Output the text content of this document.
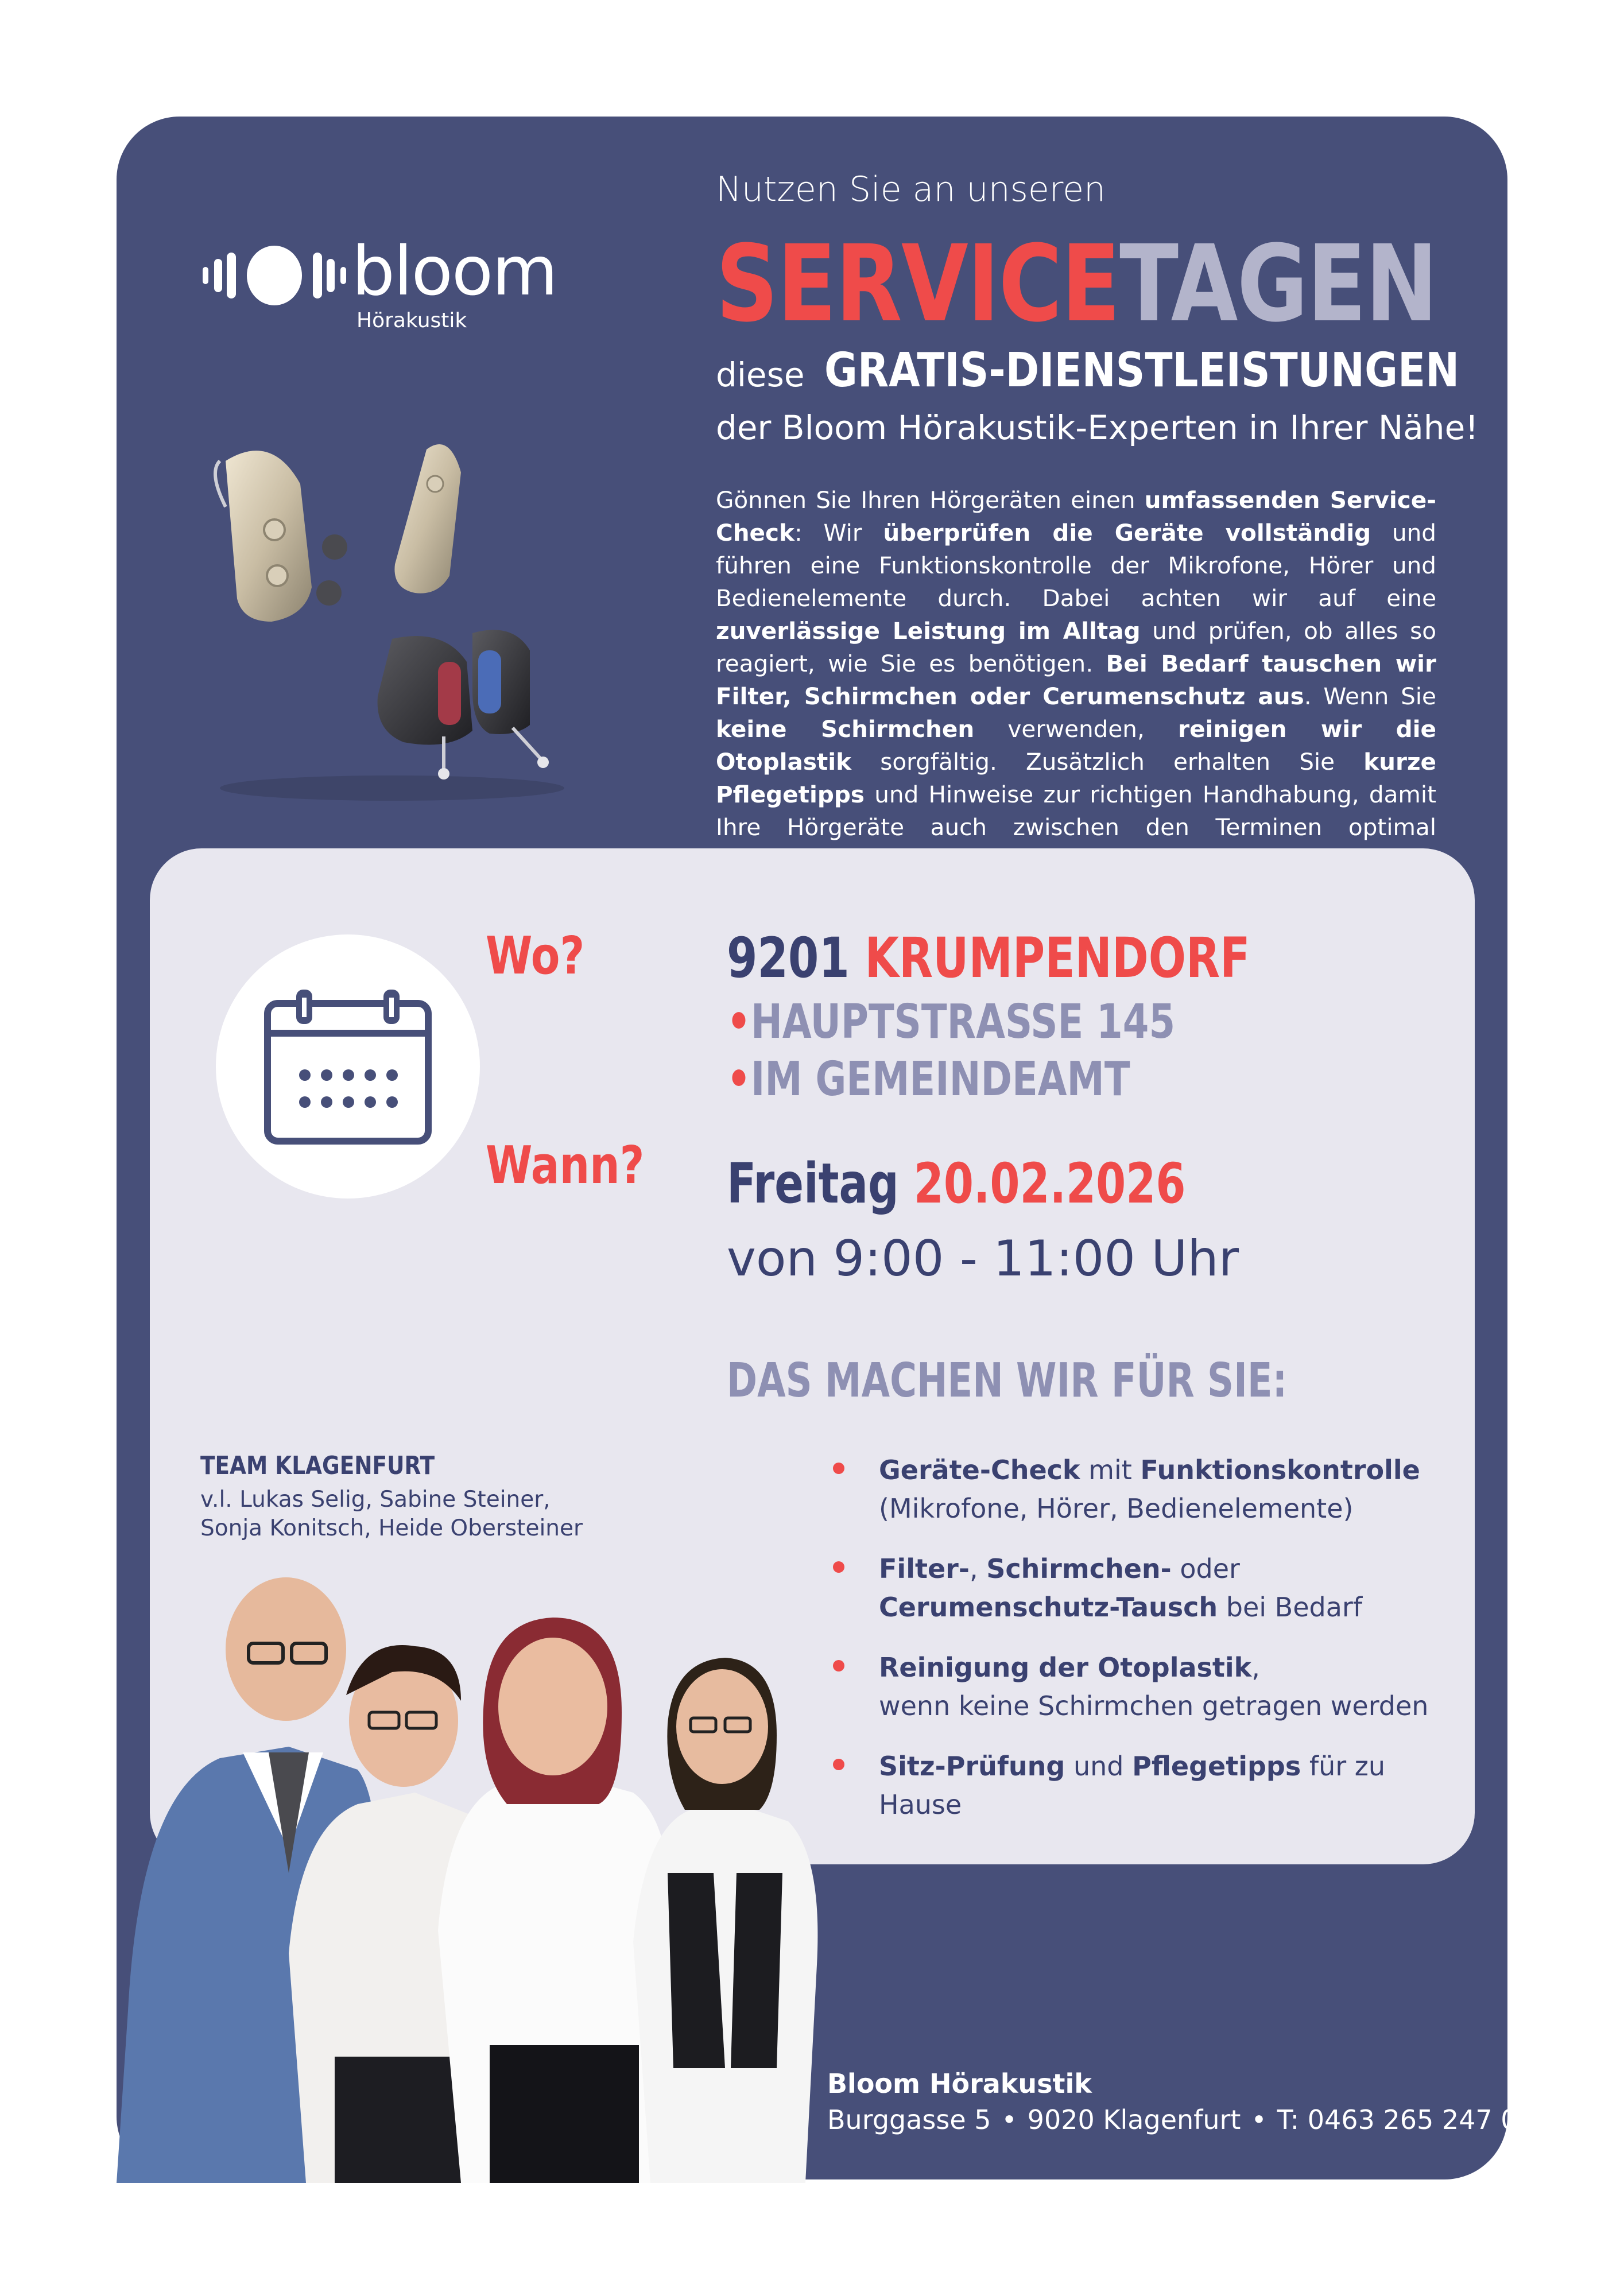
bloom
Hörakustik
Nutzen Sie an unseren
SERVICETAGEN
diese GRATIS-DIENSTLEISTUNGEN
der Bloom Hörakustik-Experten in Ihrer Nähe!
Gönnen Sie Ihren Hörgeräten einen umfassenden Service-Check: Wir überprüfen die Geräte vollständig und führen eine Funktionskontrolle der Mikrofone, Hörer und Bedienelemente durch. Dabei achten wir auf eine zuverlässige Leistung im Alltag und prüfen, ob alles so reagiert, wie Sie es benötigen. Bei Bedarf tauschen wir Filter, Schirmchen oder Cerumenschutz aus. Wenn Sie keine Schirmchen verwenden, reinigen wir die Otoplastik sorgfältig. Zusätzlich erhalten Sie kurze Pflegetipps und Hinweise zur richtigen Handhabung, damit Ihre Hörgeräte auch zwischen den Terminen optimal
Wo?	9201 KRUMPENDORF
•HAUPTSTRASSE 145
•IM GEMEINDEAMT
Wann? Freitag 20.02.2026
von 9:00 - 11:00 Uhr
DAS MACHEN WIR FÜR SIE:
TEAM KLAGENFURT
v.l. Lukas Selig, Sabine Steiner,
Sonja Konitsch, Heide Obersteiner
Geräte-Check mit Funktionskontrolle
(Mikrofone, Hörer, Bedienelemente)
Filter-, Schirmchen- oder
Cerumenschutz-Tausch bei Bedarf
Reinigung der Otoplastik,
wenn keine Schirmchen getragen werden
Sitz-Prüfung und Pflegetipps für zu Hause
Bloom Hörakustik
Burggasse 5 • 9020 Klagenfurt • T: 0463 265 247 00
